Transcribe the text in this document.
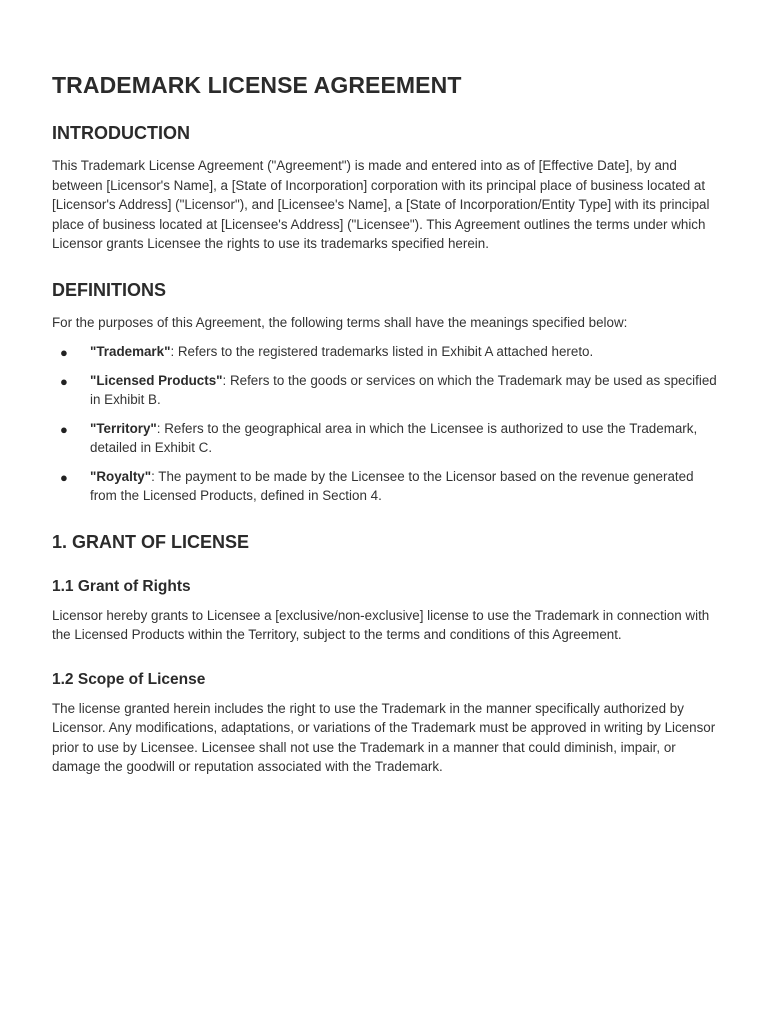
TRADEMARK LICENSE AGREEMENT
INTRODUCTION

This Trademark License Agreement ("Agreement") is made and entered into as of [Effective Date], by and between [Licensor's Name], a [State of Incorporation] corporation with its principal place of business located at [Licensor's Address] ("Licensor"), and [Licensee's Name], a [State of Incorporation/Entity Type] with its principal place of business located at [Licensee's Address] ("Licensee"). This Agreement outlines the terms under which Licensor grants Licensee the rights to use its trademarks specified herein.

DEFINITIONS

For the purposes of this Agreement, the following terms shall have the meanings specified below:

● "Trademark": Refers to the registered trademarks listed in Exhibit A attached hereto.
● "Licensed Products": Refers to the goods or services on which the Trademark may be used as specified in Exhibit B.
● "Territory": Refers to the geographical area in which the Licensee is authorized to use the Trademark, detailed in Exhibit C.
● "Royalty": The payment to be made by the Licensee to the Licensor based on the revenue generated from the Licensed Products, defined in Section 4.
1. GRANT OF LICENSE
1.1 Grant of Rights

Licensor hereby grants to Licensee a [exclusive/non-exclusive] license to use the Trademark in connection with the Licensed Products within the Territory, subject to the terms and conditions of this Agreement.

1.2 Scope of License

The license granted herein includes the right to use the Trademark in the manner specifically authorized by Licensor. Any modifications, adaptations, or variations of the Trademark must be approved in writing by Licensor prior to use by Licensee. Licensee shall not use the Trademark in a manner that could diminish, impair, or damage the goodwill or reputation associated with the Trademark.
